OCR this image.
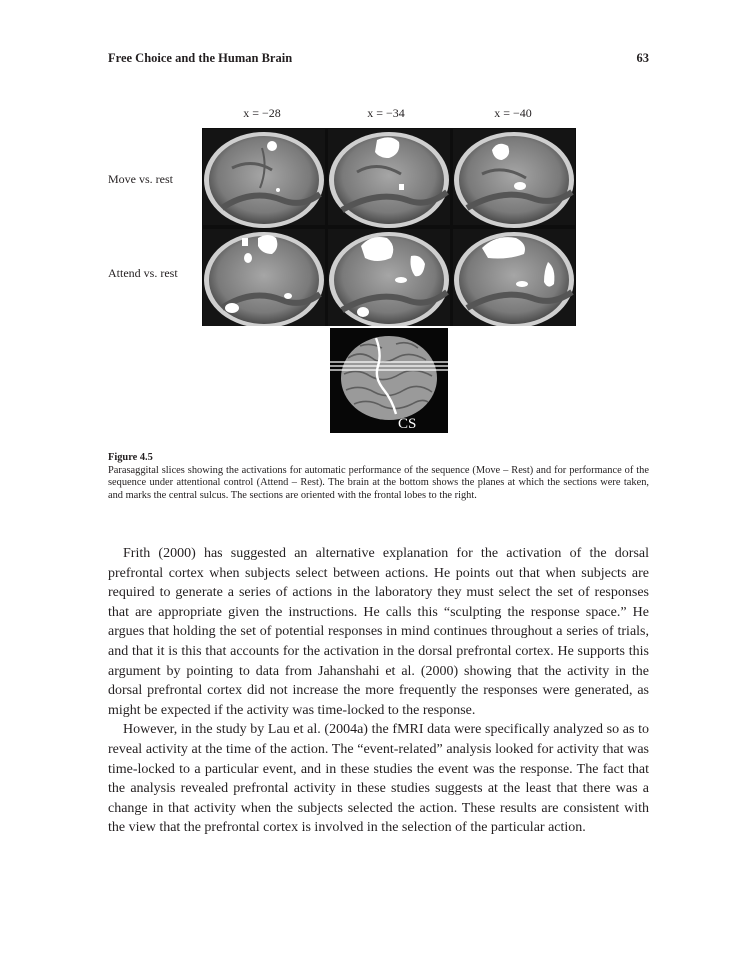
Free Choice and the Human Brain	63
x = −28	x = −34	x = −40
Move vs. rest
Attend vs. rest
CS
Figure 4.5
Parasaggital slices showing the activations for automatic performance of the sequence (Move – Rest) and for performance of the sequence under attentional control (Attend – Rest). The brain at the bottom shows the planes at which the sections were taken, and marks the central sulcus. The sections are oriented with the frontal lobes to the right.

Frith (2000) has suggested an alternative explanation for the activation of the dorsal prefrontal cortex when subjects select between actions. He points out that when subjects are required to generate a series of actions in the laboratory they must select the set of responses that are appropriate given the instructions. He calls this “sculpting the response space.” He argues that holding the set of potential responses in mind continues throughout a series of trials, and that it is this that accounts for the activation in the dorsal prefrontal cortex. He supports this argument by pointing to data from Jahanshahi et al. (2000) showing that the activity in the dorsal prefrontal cortex did not increase the more frequently the responses were generated, as might be expected if the activity was time-locked to the response.

However, in the study by Lau et al. (2004a) the fMRI data were specifically analyzed so as to reveal activity at the time of the action. The “event-related” analysis looked for activity that was time-locked to a particular event, and in these studies the event was the response. The fact that the analysis revealed prefrontal activity in these studies suggests at the least that there was a change in that activity when the subjects selected the action. These results are consistent with the view that the prefrontal cortex is involved in the selection of the particular action.
